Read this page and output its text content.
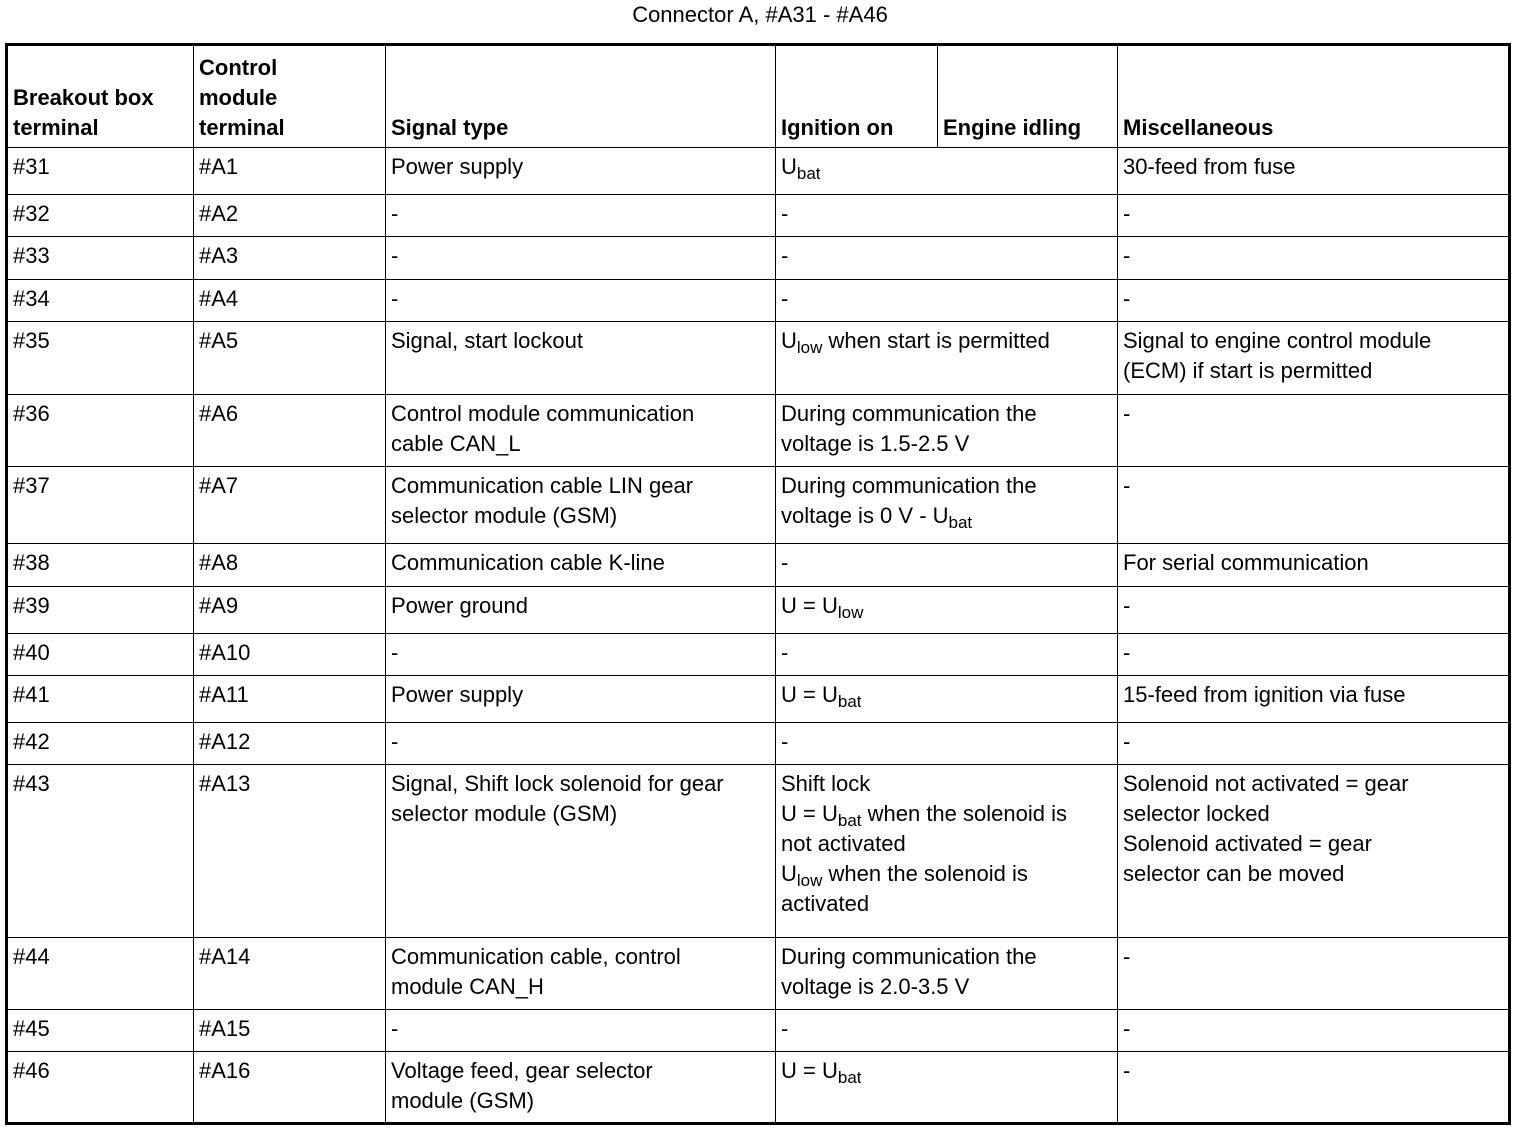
Connector A, #A31 - #A46
Breakout box
terminal	Control
module
terminal	Signal type	Ignition on	Engine idling	Miscellaneous
#31	#A1	Power supply	$U_{bat}$		30-feed from fuse

#32	#A2	-	-		-

#33	#A3	-	-		-

#34	#A4	-	-		-

#35	#A5	Signal, start lockout	$U_{low}$ when start is permitted		Signal to engine control module
(ECM) if start is permitted

#36	#A6	Control module communication
cable CAN_L	During communication the
voltage is 1.5-2.5 V		-

#37	#A7	Communication cable LIN gear
selector module (GSM)	During communication the
voltage is 0 V - $U_{bat}$		-

#38	#A8	Communication cable K-line	-		For serial communication

#39	#A9	Power ground	$U = U_{low}$		-

#40	#A10	-	-		-

#41	#A11	Power supply	$U = U_{bat}$		15-feed from ignition via fuse

#42	#A12	-	-		-

#43	#A13	Signal, Shift lock solenoid for gear
selector module (GSM)	Shift lock
$U = U_{bat}$ when the solenoid is
not activated
$U_{low}$ when the solenoid is
activated		Solenoid not activated = gear
selector locked
Solenoid activated = gear
selector can be moved

#44	#A14	Communication cable, control
module CAN_H	During communication the
voltage is 2.0-3.5 V		-

#45	#A15	-	-		-

#46	#A16	Voltage feed, gear selector
module (GSM)	$U = U_{bat}$		-
